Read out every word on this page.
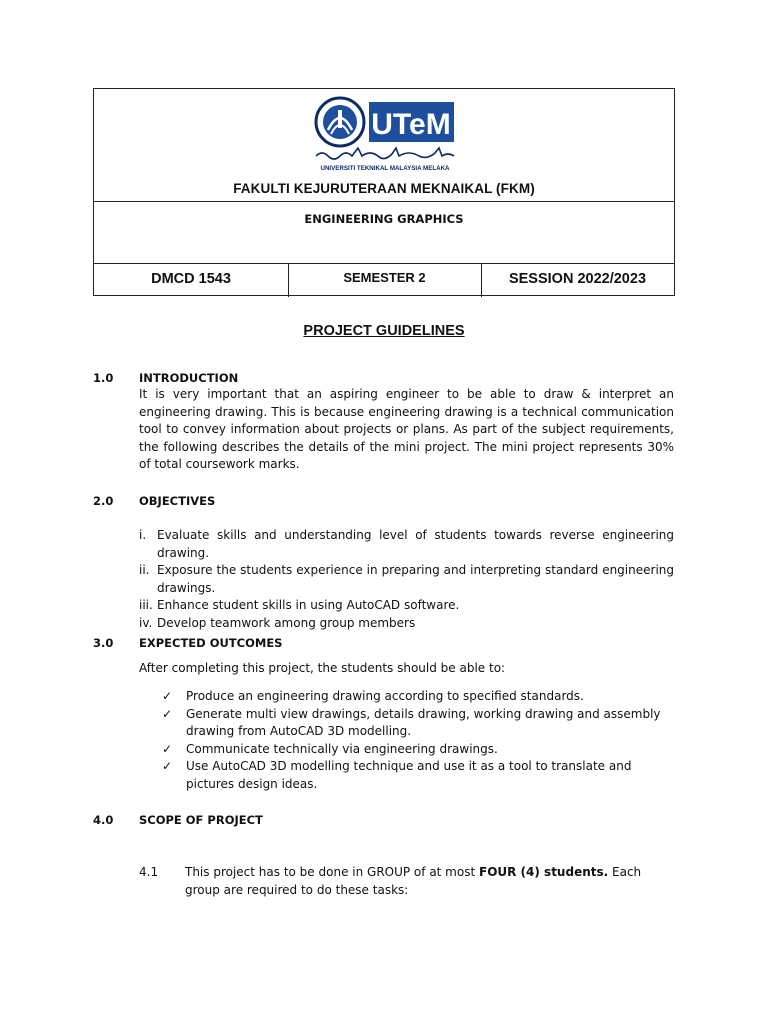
UTeM
UNIVERSITI TEKNIKAL MALAYSIA MELAKA
FAKULTI KEJURUTERAAN MEKNAIKAL (FKM)
ENGINEERING GRAPHICS
DMCD 1543	SEMESTER 2	SESSION 2022/2023
PROJECT GUIDELINES
1.0 INTRODUCTION
It is very important that an aspiring engineer to be able to draw & interpret an engineering drawing. This is because engineering drawing is a technical communication tool to convey information about projects or plans. As part of the subject requirements, the following describes the details of the mini project. The mini project represents 30% of total coursework marks.
2.0 OBJECTIVES
i. Evaluate skills and understanding level of students towards reverse engineering drawing.
ii. Exposure the students experience in preparing and interpreting standard engineering drawings.
iii. Enhance student skills in using AutoCAD software.
iv. Develop teamwork among group members
3.0 EXPECTED OUTCOMES
After completing this project, the students should be able to:
✓ Produce an engineering drawing according to specified standards.
✓ Generate multi view drawings, details drawing, working drawing and assembly drawing from AutoCAD 3D modelling.
✓ Communicate technically via engineering drawings.
✓ Use AutoCAD 3D modelling technique and use it as a tool to translate and pictures design ideas.
4.0 SCOPE OF PROJECT
4.1 This project has to be done in GROUP of at most FOUR (4) students. Each group are required to do these tasks:
